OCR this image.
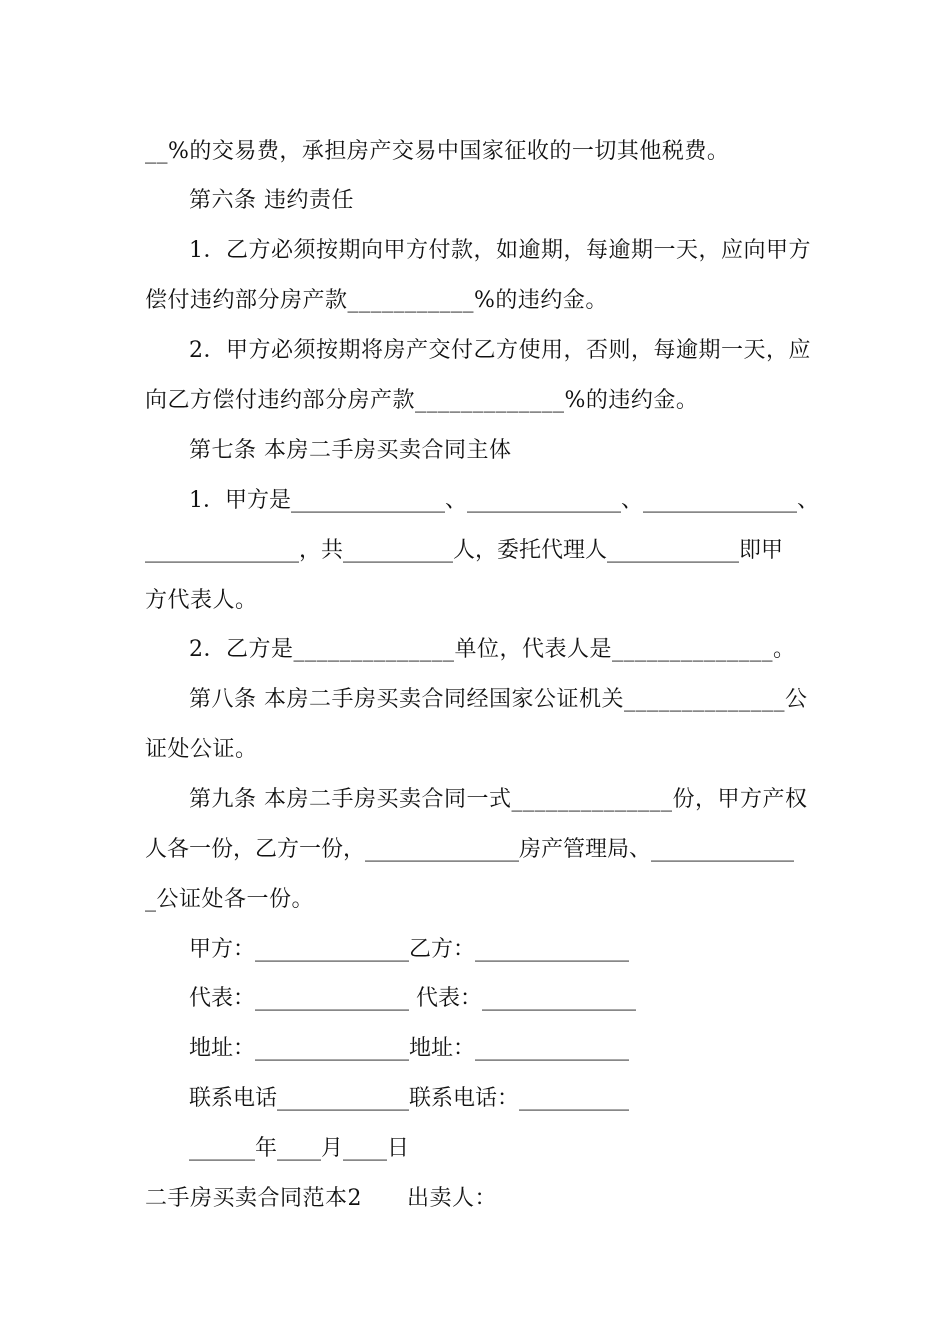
__%的交易费，承担房产交易中国家征收的一切其他税费。
第六条 违约责任
1．乙方必须按期向甲方付款，如逾期，每逾期一天，应向甲方
偿付违约部分房产款___________%的违约金。
2．甲方必须按期将房产交付乙方使用，否则，每逾期一天，应
向乙方偿付违约部分房产款_____________%的违约金。
第七条 本房二手房买卖合同主体
1．甲方是______________、______________、______________、
______________，共__________人，委托代理人____________即甲
方代表人。
2．乙方是______________单位，代表人是______________。
第八条 本房二手房买卖合同经国家公证机关______________公
证处公证。
第九条 本房二手房买卖合同一式______________份，甲方产权
人各一份，乙方一份，______________房产管理局、_____________
_公证处各一份。
甲方：______________乙方：______________
代表：______________ 代表：______________
地址：______________地址：______________
联系电话____________联系电话：__________
______年____月____日
二手房买卖合同范本2　　出卖人：
